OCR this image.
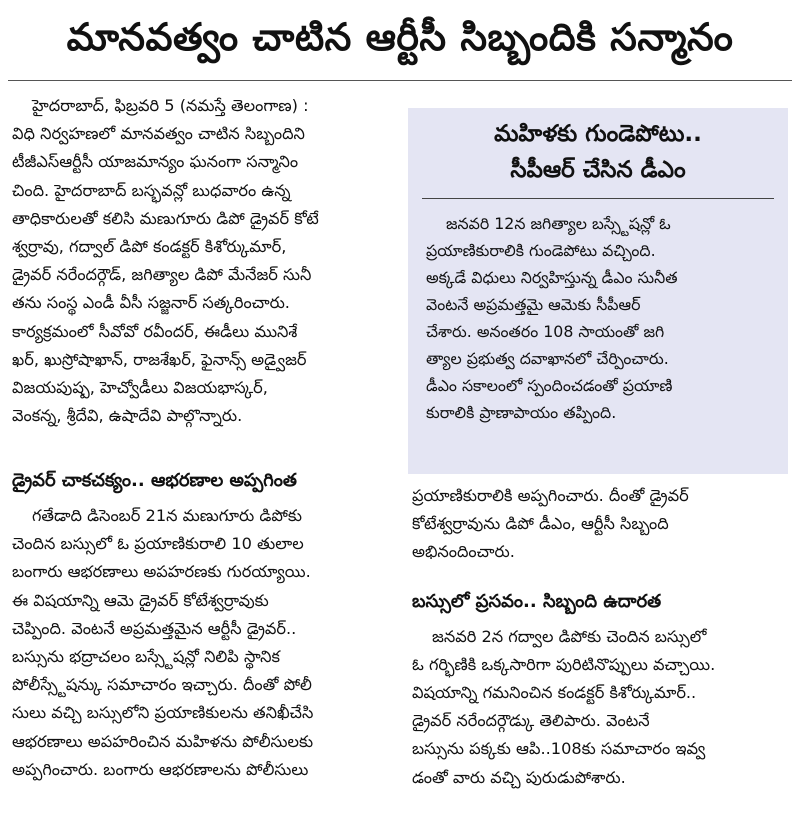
మానవత్వం చాటిన ఆర్టీసీ సిబ్బందికి సన్మానం

హైదరాబాద్, ఫిబ్రవరి 5 (నమస్తే తెలంగాణ) :
విధి నిర్వహణలో మానవత్వం చాటిన సిబ్బందిని
టీజీఎస్ఆర్టీసీ యాజమాన్యం ఘనంగా సన్మానిం
చింది. హైదరాబాద్ బస్భవన్లో బుధవారం ఉన్న
తాధికారులతో కలిసి మణుగూరు డిపో డ్రైవర్ కోటే
శ్వర్రావు, గద్వాల్ డిపో కండక్టర్ కిశోర్కుమార్,
డ్రైవర్ నరేందర్గౌడ్, జగిత్యాల డిపో మేనేజర్ సునీ
తను సంస్థ ఎండీ వీసీ సజ్జనార్ సత్కరించారు.
కార్యక్రమంలో సీవోవో రవీందర్, ఈడీలు మునిశే
ఖర్, ఖుస్రోషాఖాన్, రాజశేఖర్, ఫైనాన్స్ అడ్వైజర్
విజయపుష్ప, హెచ్వోడీలు విజయభాస్కర్,
వెంకన్న, శ్రీదేవి, ఉషాదేవి పాల్గొన్నారు.

డ్రైవర్ చాకచక్యం.. ఆభరణాల అప్పగింత

గతేడాది డిసెంబర్ 21న మణుగూరు డిపోకు
చెందిన బస్సులో ఓ ప్రయాణికురాలి 10 తులాల
బంగారు ఆభరణాలు అపహరణకు గురయ్యాయి.
ఈ విషయాన్ని ఆమె డ్రైవర్ కోటేశ్వర్రావుకు
చెప్పింది. వెంటనే అప్రమత్తమైన ఆర్టీసీ డ్రైవర్..
బస్సును భద్రాచలం బస్స్టేషన్లో నిలిపి స్థానిక
పోలీస్స్టేషన్కు సమాచారం ఇచ్చారు. దీంతో పోలీ
సులు వచ్చి బస్సులోని ప్రయాణికులను తనిఖీచేసి
ఆభరణాలు అపహరించిన మహిళను పోలీసులకు
అప్పగించారు. బంగారు ఆభరణాలను పోలీసులు

మహిళకు గుండెపోటు..

సీపీఆర్ చేసిన డీఎం

జనవరి 12న జగిత్యాల బస్స్టేషన్లో ఓ
ప్రయాణికురాలికి గుండెపోటు వచ్చింది.
అక్కడే విధులు నిర్వహిస్తున్న డీఎం సునీత
వెంటనే అప్రమత్తమై ఆమెకు సీపీఆర్
చేశారు. అనంతరం 108 సాయంతో జగి
త్యాల ప్రభుత్వ దవాఖానలో చేర్పించారు.
డీఎం సకాలంలో స్పందించడంతో ప్రయాణి
కురాలికి ప్రాణాపాయం తప్పింది.

ప్రయాణికురాలికి అప్పగించారు. దీంతో డ్రైవర్
కోటేశ్వర్రావును డిపో డీఎం, ఆర్టీసీ సిబ్బంది
అభినందించారు.

బస్సులో ప్రసవం.. సిబ్బంది ఉదారత

జనవరి 2న గద్వాల డిపోకు చెందిన బస్సులో
ఓ గర్భిణికి ఒక్కసారిగా పురిటినొప్పులు వచ్చాయి.
విషయాన్ని గమనించిన కండక్టర్ కిశోర్కుమార్..
డ్రైవర్ నరేందర్గౌడ్కు తెలిపారు. వెంటనే
బస్సును పక్కకు ఆపి..108కు సమాచారం ఇవ్వ
డంతో వారు వచ్చి పురుడుపోశారు.
